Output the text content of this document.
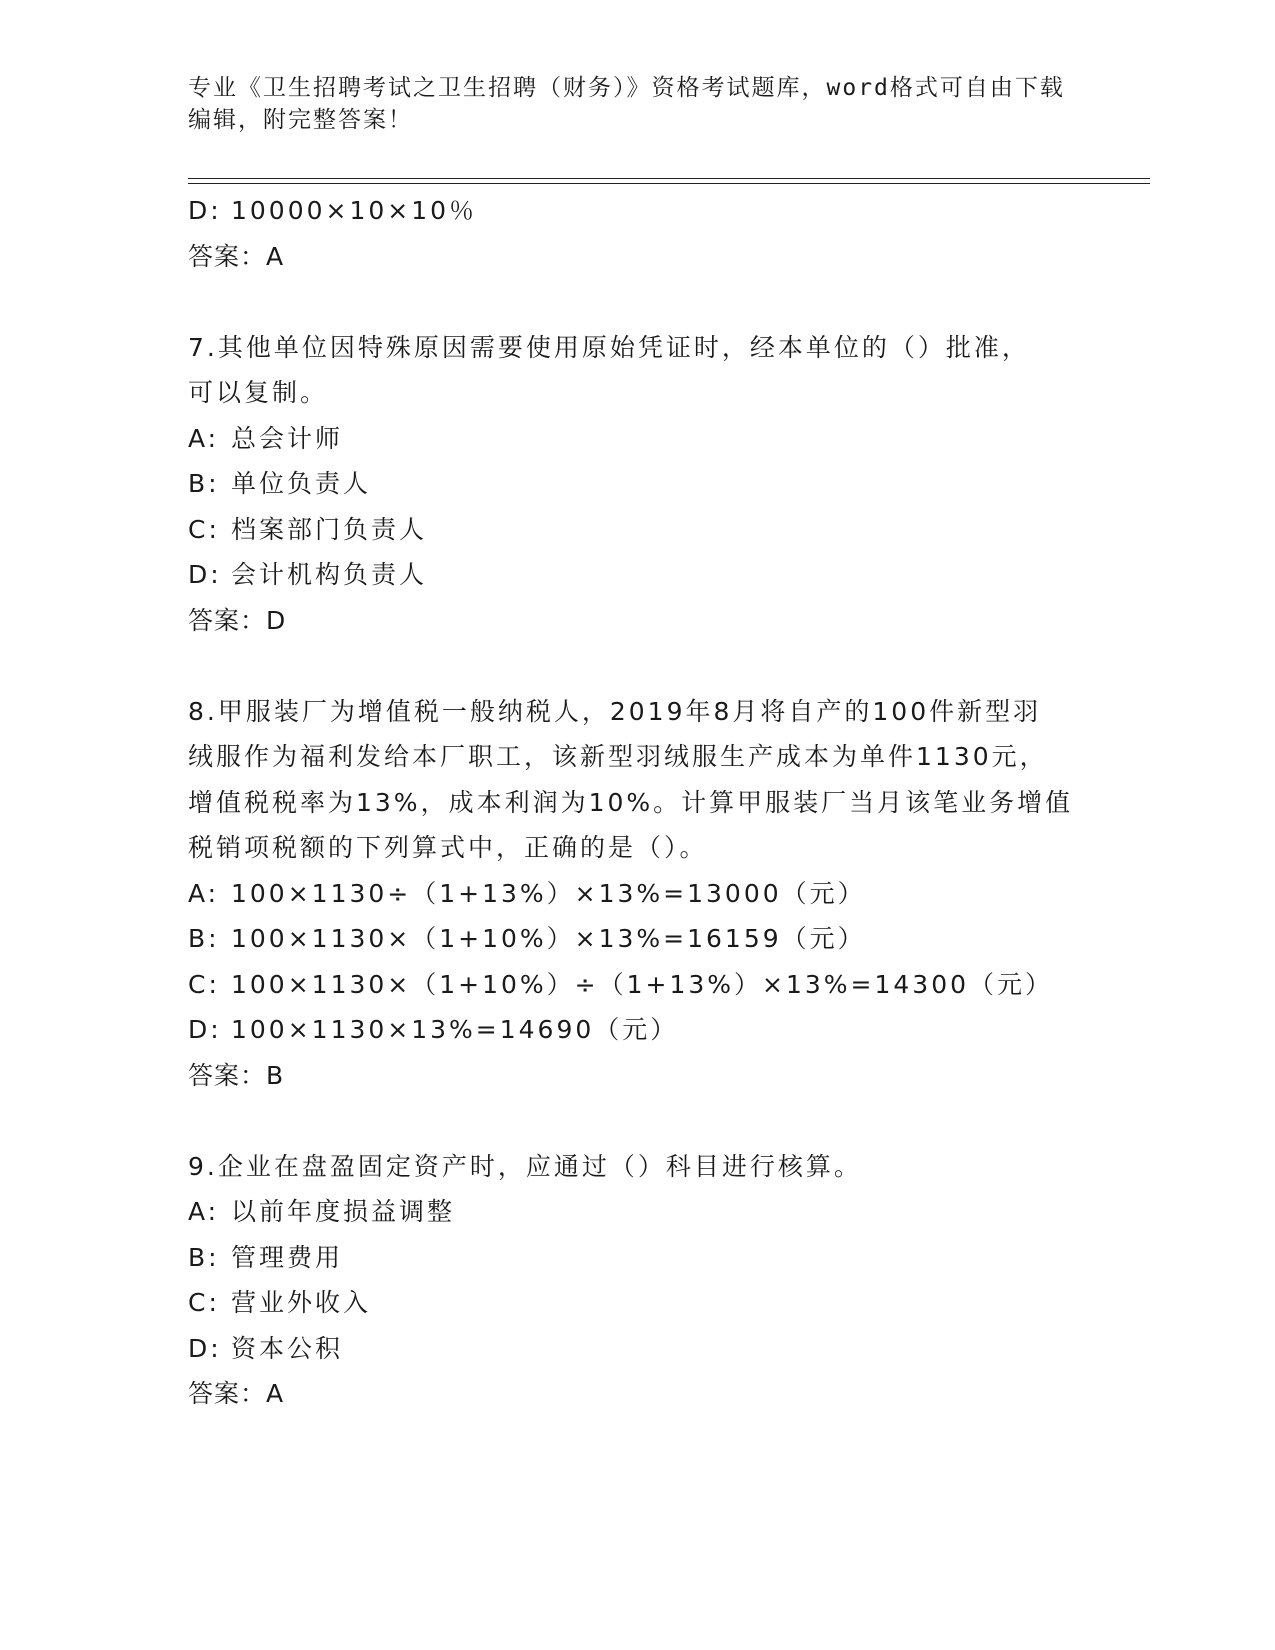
专业《卫生招聘考试之卫生招聘（财务）》资格考试题库，word格式可自由下载
编辑，附完整答案！
D: 10000×10×10％
答案：A
7.其他单位因特殊原因需要使用原始凭证时，经本单位的（）批准，
可以复制。
A: 总会计师
B: 单位负责人
C: 档案部门负责人
D: 会计机构负责人
答案：D
8.甲服装厂为增值税一般纳税人，2019年8月将自产的100件新型羽
绒服作为福利发给本厂职工，该新型羽绒服生产成本为单件1130元，
增值税税率为13%，成本利润为10%。计算甲服装厂当月该笔业务增值
税销项税额的下列算式中，正确的是（）。
A: 100×1130÷（1+13%）×13%=13000（元）
B: 100×1130×（1+10%）×13%=16159（元）
C: 100×1130×（1+10%）÷（1+13%）×13%=14300（元）
D: 100×1130×13%=14690（元）
答案：B
9.企业在盘盈固定资产时，应通过（）科目进行核算。
A: 以前年度损益调整
B: 管理费用
C: 营业外收入
D: 资本公积
答案：A
